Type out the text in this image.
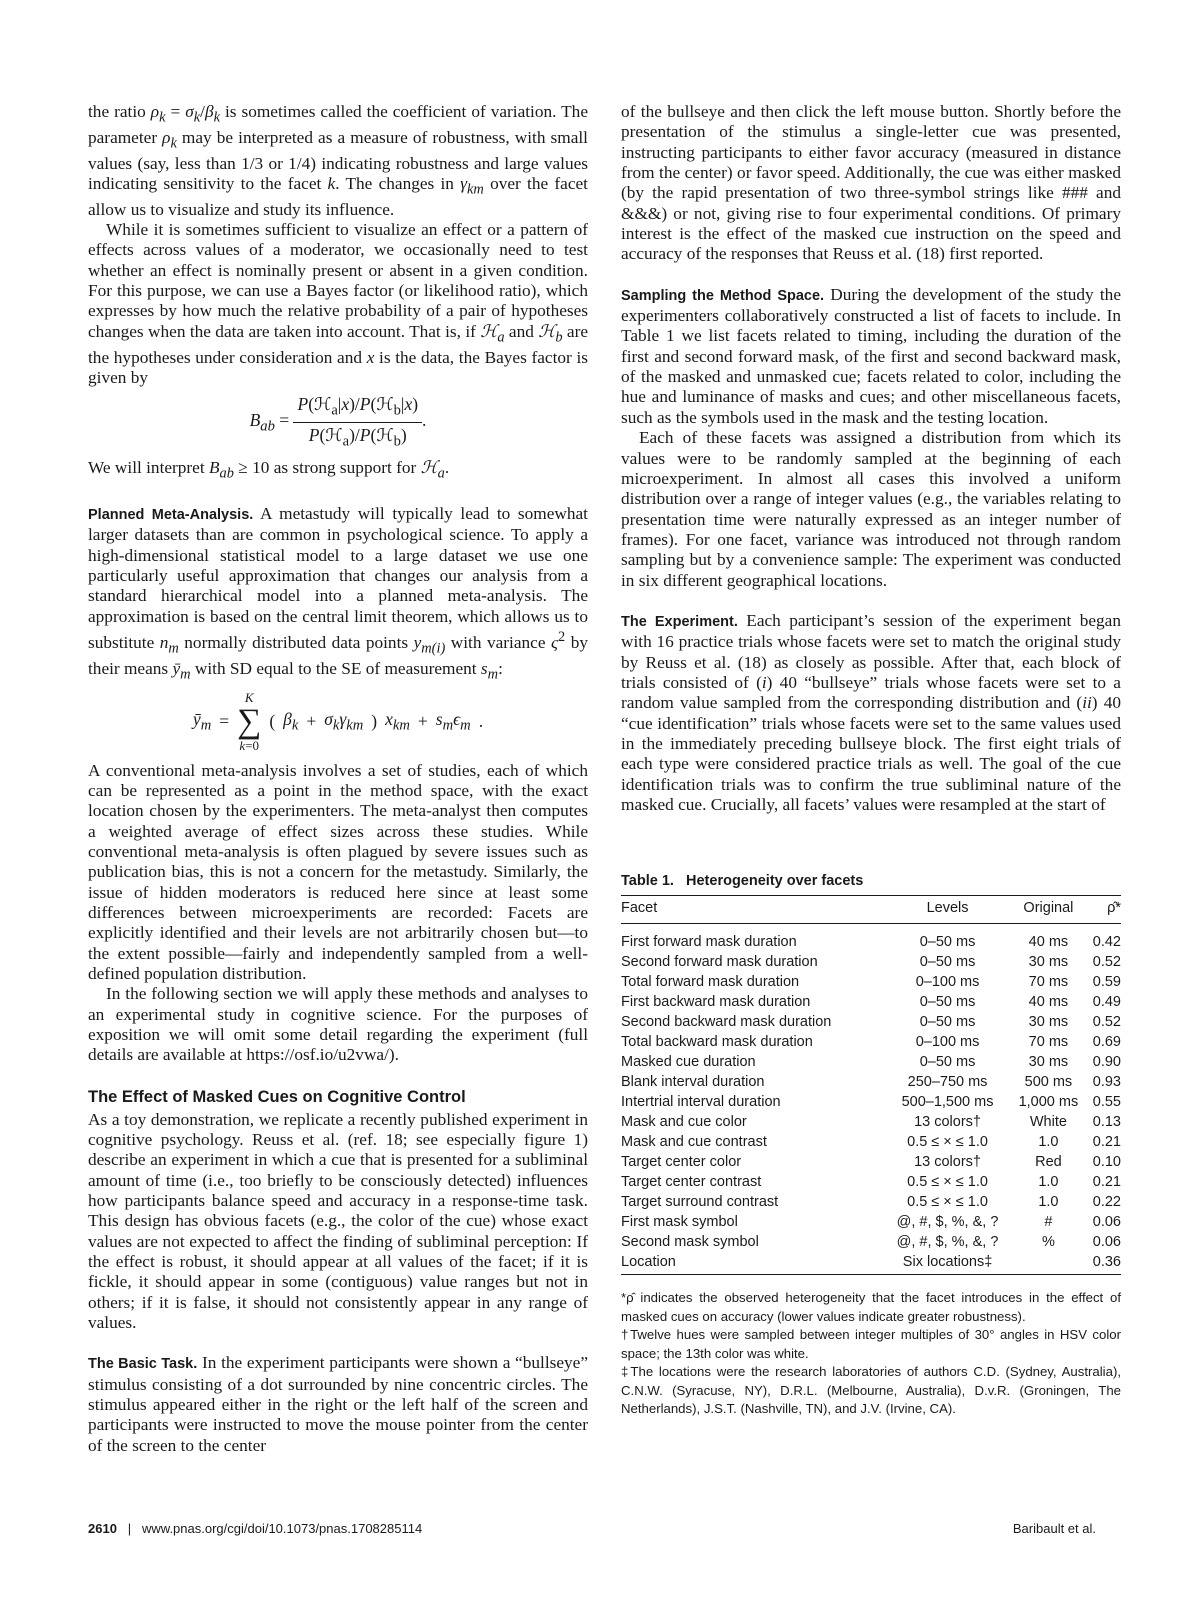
the ratio $\rho_k = \sigma_k/\beta_k$ is sometimes called the coefficient of variation. The parameter $\rho_k$ may be interpreted as a measure of robustness, with small values (say, less than 1/3 or 1/4) indicating robustness and large values indicating sensitivity to the facet k. The changes in $\gamma_{km}$ over the facet allow us to visualize and study its influence.

While it is sometimes sufficient to visualize an effect or a pattern of effects across values of a moderator, we occasionally need to test whether an effect is nominally present or absent in a given condition. For this purpose, we can use a Bayes factor (or likelihood ratio), which expresses by how much the relative probability of a pair of hypotheses changes when the data are taken into account. That is, if ℋ$_a$ and ℋ$_b$ are the hypotheses under consideration and x is the data, the Bayes factor is given by

$B_{ab} = \frac{P(ℋ_a|x)/P(ℋ_b|x)}{P(ℋ_a)/P(ℋ_b)}$ .

We will interpret $B_{ab} \ge 10$ as strong support for ℋ$_a$.

Planned Meta-Analysis. A metastudy will typically lead to somewhat larger datasets than are common in psychological science. To apply a high-dimensional statistical model to a large dataset we use one particularly useful approximation that changes our analysis from a standard hierarchical model into a planned meta-analysis. The approximation is based on the central limit theorem, which allows us to substitute $n_m$ normally distributed data points $y_{m(i)}$ with variance $\varsigma^2$ by their means $ȳ_m$ with SD equal to the SE of measurement $s_m$:

$ȳ_m$ =
K
∑
k=0
( $\beta_k + \sigma_k\gamma_{km}$ ) $x_{km} + s_m\epsilon_m$ .

A conventional meta-analysis involves a set of studies, each of which can be represented as a point in the method space, with the exact location chosen by the experimenters. The meta-analyst then computes a weighted average of effect sizes across these studies. While conventional meta-analysis is often plagued by severe issues such as publication bias, this is not a concern for the metastudy. Similarly, the issue of hidden moderators is reduced here since at least some differences between microexperiments are recorded: Facets are explicitly identified and their levels are not arbitrarily chosen but—to the extent possible—fairly and independently sampled from a well-defined population distribution.

In the following section we will apply these methods and analyses to an experimental study in cognitive science. For the purposes of exposition we will omit some detail regarding the experiment (full details are available at https://osf.io/u2vwa/).

The Effect of Masked Cues on Cognitive Control

As a toy demonstration, we replicate a recently published experiment in cognitive psychology. Reuss et al. (ref. 18; see especially figure 1) describe an experiment in which a cue that is presented for a subliminal amount of time (i.e., too briefly to be consciously detected) influences how participants balance speed and accuracy in a response-time task. This design has obvious facets (e.g., the color of the cue) whose exact values are not expected to affect the finding of subliminal perception: If the effect is robust, it should appear at all values of the facet; if it is fickle, it should appear in some (contiguous) value ranges but not in others; if it is false, it should not consistently appear in any range of values.

The Basic Task. In the experiment participants were shown a “bullseye” stimulus consisting of a dot surrounded by nine concentric circles. The stimulus appeared either in the right or the left half of the screen and participants were instructed to move the mouse pointer from the center of the screen to the center

of the bullseye and then click the left mouse button. Shortly before the presentation of the stimulus a single-letter cue was presented, instructing participants to either favor accuracy (measured in distance from the center) or favor speed. Additionally, the cue was either masked (by the rapid presentation of two three-symbol strings like ### and &&&) or not, giving rise to four experimental conditions. Of primary interest is the effect of the masked cue instruction on the speed and accuracy of the responses that Reuss et al. (18) first reported.

Sampling the Method Space. During the development of the study the experimenters collaboratively constructed a list of facets to include. In Table 1 we list facets related to timing, including the duration of the first and second forward mask, of the first and second backward mask, of the masked and unmasked cue; facets related to color, including the hue and luminance of masks and cues; and other miscellaneous facets, such as the symbols used in the mask and the testing location.

Each of these facets was assigned a distribution from which its values were to be randomly sampled at the beginning of each microexperiment. In almost all cases this involved a uniform distribution over a range of integer values (e.g., the variables relating to presentation time were naturally expressed as an integer number of frames). For one facet, variance was introduced not through random sampling but by a convenience sample: The experiment was conducted in six different geographical locations.

The Experiment. Each participant’s session of the experiment began with 16 practice trials whose facets were set to match the original study by Reuss et al. (18) as closely as possible. After that, each block of trials consisted of (i) 40 “bullseye” trials whose facets were set to a random value sampled from the corresponding distribution and (ii) 40 “cue identification” trials whose facets were set to the same values used in the immediately preceding bullseye block. The first eight trials of each type were considered practice trials as well. The goal of the cue identification trials was to confirm the true subliminal nature of the masked cue. Crucially, all facets’ values were resampled at the start of

Table 1. Heterogeneity over facets
Facet	Levels	Original	ρ̂*
First forward mask duration	0–50 ms	40 ms	0.42
Second forward mask duration	0–50 ms	30 ms	0.52
Total forward mask duration	0–100 ms	70 ms	0.59
First backward mask duration	0–50 ms	40 ms	0.49
Second backward mask duration	0–50 ms	30 ms	0.52
Total backward mask duration	0–100 ms	70 ms	0.69
Masked cue duration	0–50 ms	30 ms	0.90
Blank interval duration	250–750 ms	500 ms	0.93
Intertrial interval duration	500–1,500 ms	1,000 ms	0.55
Mask and cue color	13 colors†	White	0.13
Mask and cue contrast	0.5 ≤ × ≤ 1.0	1.0	0.21
Target center color	13 colors†	Red	0.10
Target center contrast	0.5 ≤ × ≤ 1.0	1.0	0.21
Target surround contrast	0.5 ≤ × ≤ 1.0	1.0	0.22
First mask symbol	@, #, $, %, &, ?	#	0.06
Second mask symbol	@, #, $, %, &, ?	%	0.06
Location	Six locations‡		0.36
*ρ̂ indicates the observed heterogeneity that the facet introduces in the effect of masked cues on accuracy (lower values indicate greater robustness).
†Twelve hues were sampled between integer multiples of 30° angles in HSV color space; the 13th color was white.
‡The locations were the research laboratories of authors C.D. (Sydney, Australia), C.N.W. (Syracuse, NY), D.R.L. (Melbourne, Australia), D.v.R. (Groningen, The Netherlands), J.S.T. (Nashville, TN), and J.V. (Irvine, CA).
2610 | www.pnas.org/cgi/doi/10.1073/pnas.1708285114	Baribault et al.
